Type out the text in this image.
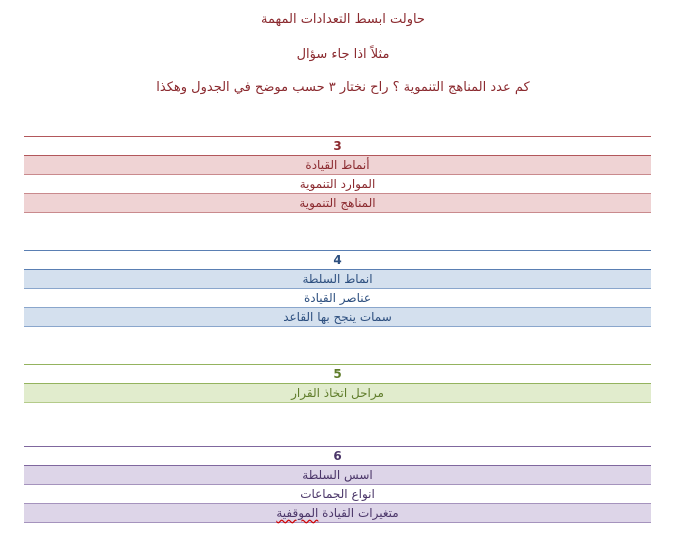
حاولت ابسط التعدادات المهمة
مثلاً اذا جاء سؤال
كم عدد المناهج التنموية ؟ راح نختار ٣ حسب موضح في الجدول وهكذا
3
أنماط القيادة
الموارد التنموية
المناهج التنموية
4
انماط السلطة
عناصر القيادة
سمات ينجح بها القاعد
5
مراحل اتخاذ القرار
6
اسس السلطة
انواع الجماعات
متغيرات القيادة الموقفية
